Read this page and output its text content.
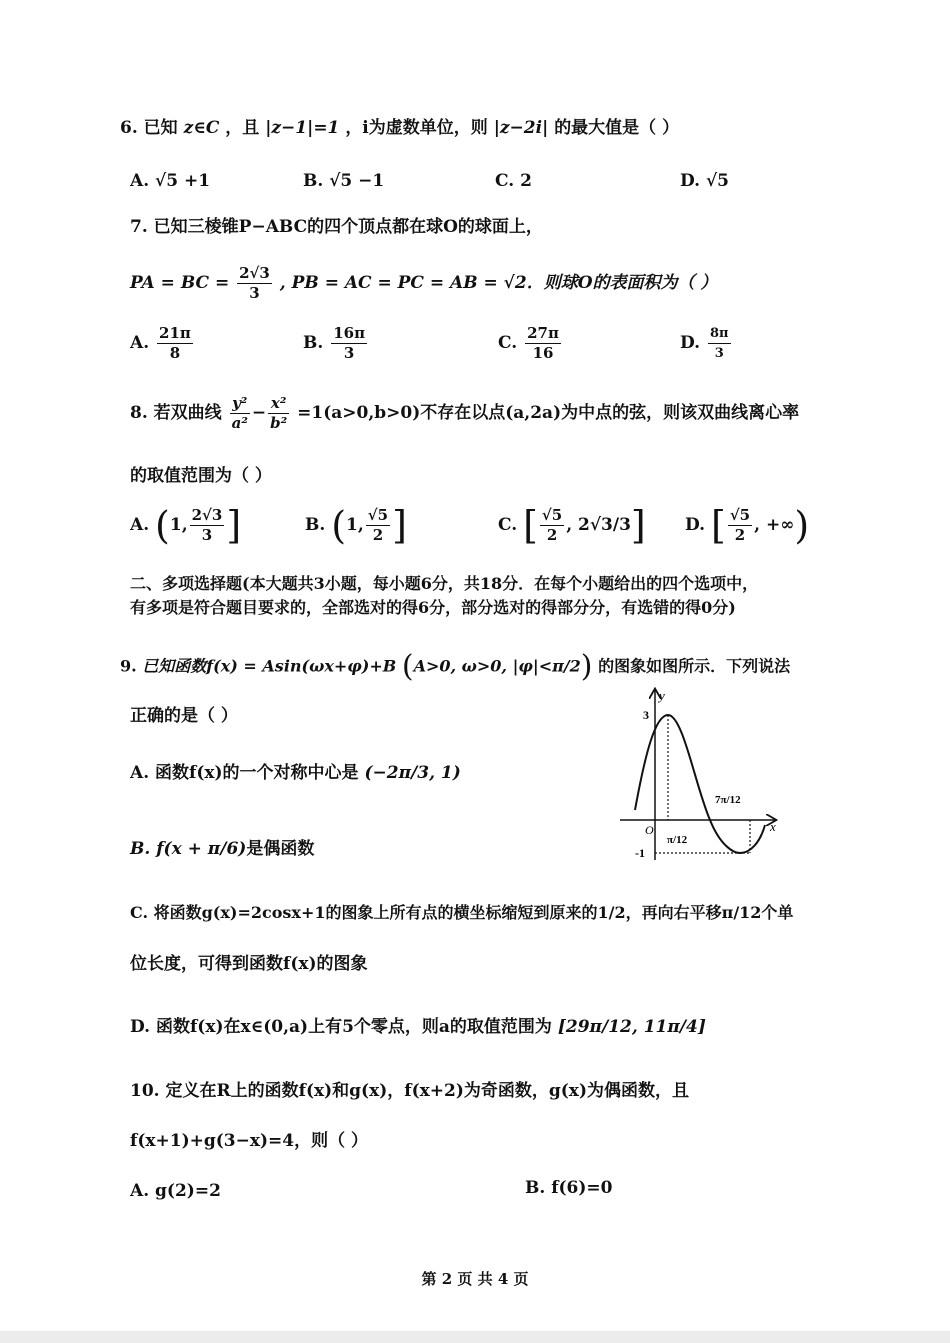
6. 已知 z∈C ，且 |z−1|=1 ，i为虚数单位，则 |z−2i| 的最大值是（ ）
A. √5 +1	B. √5 −1	C. 2	D. √5
7. 已知三棱锥P−ABC的四个顶点都在球O的球面上，
PA = BC = $\frac{2√3}{3}$ , PB = AC = PC = AB = √2．则球O的表面积为（ ）
A. $\frac{21\pi}{8}$	B. $\frac{16\pi}{3}$	C. $\frac{27\pi}{16}$	D. $\frac{8\pi}{3}$
8. 若双曲线 $\frac{\text{y²}}{\text{a²}} - \frac{\text{x²}}{\text{b²}} =1(a>0,b>0)$不存在以点(a,2a)为中点的弦，则该双曲线离心率
的取值范围为（ ）
A. (1, $\frac{2√3}{3}$ ]	B. (1, $\frac{√5}{2}$ ]	C. [ $\frac{√5}{2}$ , 2√3/3] D. [ $\frac{√5}{2}$ , +∞)
二、多项选择题(本大题共3小题，每小题6分，共18分．在每个小题给出的四个选项中，
有多项是符合题目要求的，全部选对的得6分，部分选对的得部分分，有选错的得0分)
9. 已知函数f(x) = Asin(ωx+φ)+B (A>0, ω>0, |φ|<π/2) 的图象如图所示．下列说法
正确的是（ ）
A. 函数f(x)的一个对称中心是 (−2π/3, 1)
B. f(x + π/6)是偶函数
C. 将函数g(x)=2cosx+1的图象上所有点的横坐标缩短到原来的1/2，再向右平移π/12个单
位长度，可得到函数f(x)的图象
D. 函数f(x)在x∈(0,a)上有5个零点，则a的取值范围为 [29π/12, 11π/4]
y
x
O
3
-1
π/12
7π/12
10. 定义在R上的函数f(x)和g(x)，f(x+2)为奇函数，g(x)为偶函数，且
f(x+1)+g(3−x)=4，则（ ）
A. g(2)=2	B. f(6)=0
第 2 页 共 4 页
